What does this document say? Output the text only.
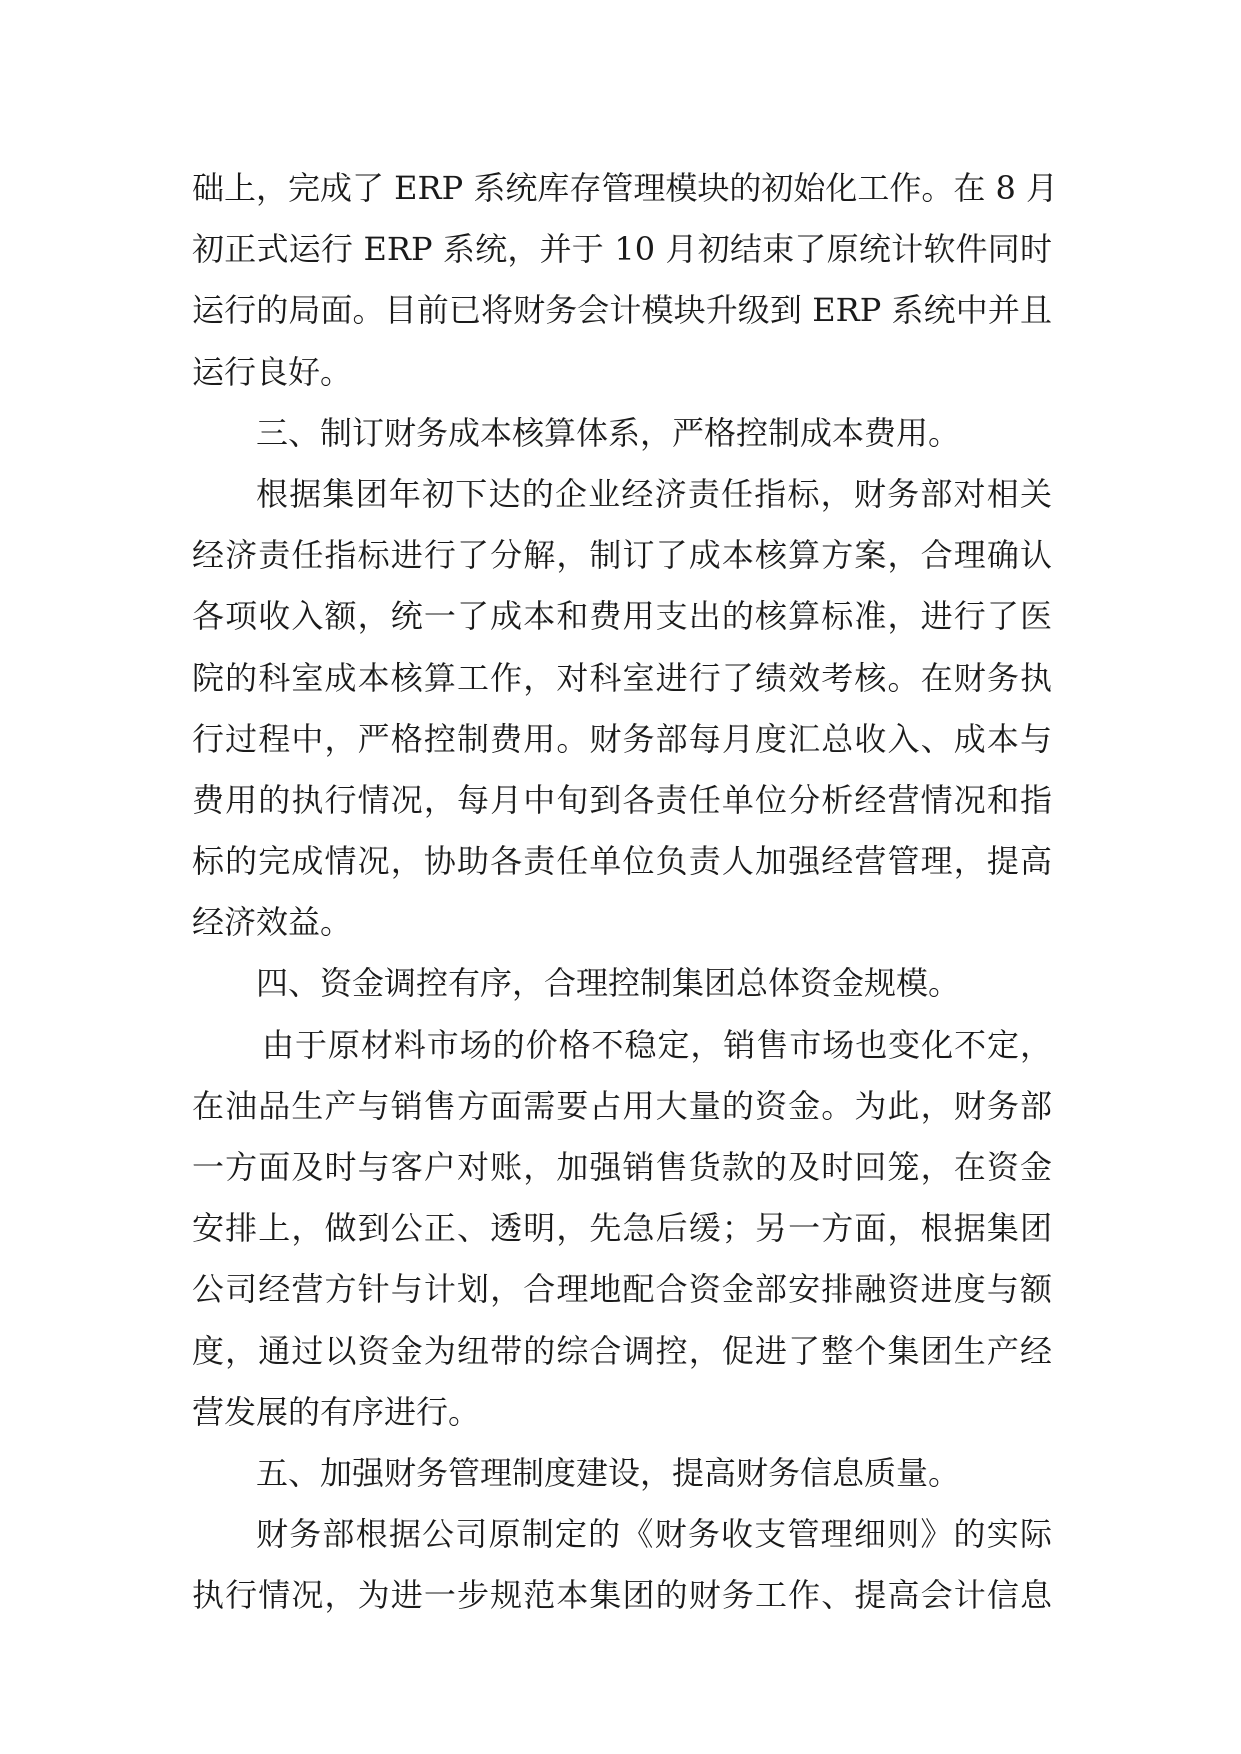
础上，完成了 ERP 系统库存管理模块的初始化工作。在 8 月
初正式运行 ERP 系统，并于 10 月初结束了原统计软件同时
运行的局面。目前已将财务会计模块升级到 ERP 系统中并且
运行良好。
三、制订财务成本核算体系，严格控制成本费用。
根据集团年初下达的企业经济责任指标，财务部对相关
经济责任指标进行了分解，制订了成本核算方案，合理确认
各项收入额，统一了成本和费用支出的核算标准，进行了医
院的科室成本核算工作，对科室进行了绩效考核。在财务执
行过程中，严格控制费用。财务部每月度汇总收入、成本与
费用的执行情况，每月中旬到各责任单位分析经营情况和指
标的完成情况，协助各责任单位负责人加强经营管理，提高
经济效益。
四、资金调控有序，合理控制集团总体资金规模。
由于原材料市场的价格不稳定，销售市场也变化不定，
在油品生产与销售方面需要占用大量的资金。为此，财务部
一方面及时与客户对账，加强销售货款的及时回笼，在资金
安排上，做到公正、透明，先急后缓；另一方面，根据集团
公司经营方针与计划，合理地配合资金部安排融资进度与额
度，通过以资金为纽带的综合调控，促进了整个集团生产经
营发展的有序进行。
五、加强财务管理制度建设，提高财务信息质量。
财务部根据公司原制定的《财务收支管理细则》的实际
执行情况，为进一步规范本集团的财务工作、提高会计信息
